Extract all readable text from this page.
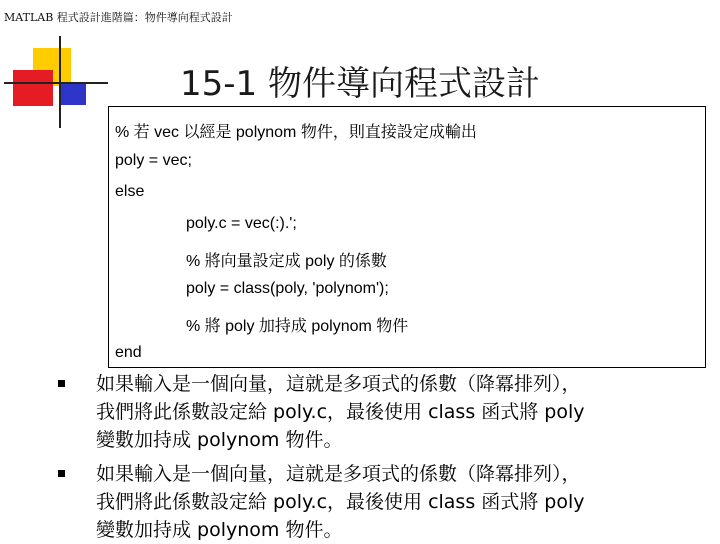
MATLAB 程式設計進階篇：物件導向程式設計
15-1 物件導向程式設計
% 若 vec 以經是 polynom 物件，則直接設定成輸出
poly = vec;
else
poly.c = vec(:).';
% 將向量設定成 poly 的係數
poly = class(poly, 'polynom');
% 將 poly 加持成 polynom 物件
end
如果輸入是一個向量，這就是多項式的係數（降冪排列），
我們將此係數設定給 poly.c，最後使用 class 函式將 poly
變數加持成 polynom 物件。
如果輸入是一個向量，這就是多項式的係數（降冪排列），
我們將此係數設定給 poly.c，最後使用 class 函式將 poly
變數加持成 polynom 物件。
